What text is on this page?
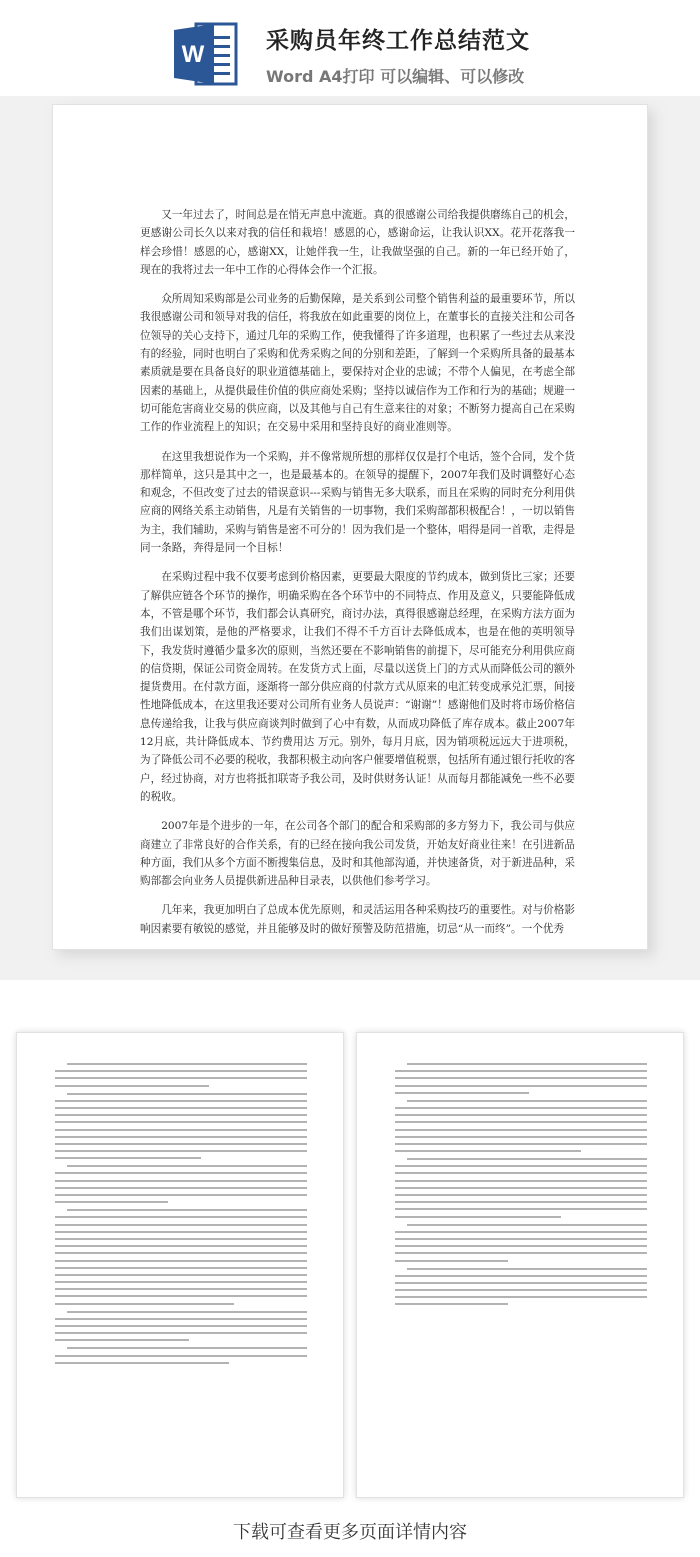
W	采购员年终工作总结范文
Word A4打印 可以编辑、可以修改

又一年过去了，时间总是在悄无声息中流逝。真的很感谢公司给我提供磨练自己的机会，更感谢公司长久以来对我的信任和栽培！感恩的心，感谢命运，让我认识XX。花开花落我一样会珍惜！感恩的心，感谢XX，让她伴我一生，让我做坚强的自己。新的一年已经开始了，现在的我将过去一年中工作的心得体会作一个汇报。

众所周知采购部是公司业务的后勤保障，是关系到公司整个销售利益的最重要环节，所以我很感谢公司和领导对我的信任，将我放在如此重要的岗位上，在董事长的直接关注和公司各位领导的关心支持下，通过几年的采购工作，使我懂得了许多道理，也积累了一些过去从来没有的经验，同时也明白了采购和优秀采购之间的分别和差距，了解到一个采购所具备的最基本素质就是要在具备良好的职业道德基础上，要保持对企业的忠诚；不带个人偏见，在考虑全部因素的基础上，从提供最佳价值的供应商处采购；坚持以诚信作为工作和行为的基础；规避一切可能危害商业交易的供应商，以及其他与自己有生意来往的对象；不断努力提高自己在采购工作的作业流程上的知识；在交易中采用和坚持良好的商业准则等。

在这里我想说作为一个采购，并不像常规所想的那样仅仅是打个电话，签个合同，发个货那样简单，这只是其中之一，也是最基本的。在领导的提醒下，2007年我们及时调整好心态和观念，不但改变了过去的错误意识---采购与销售无多大联系，而且在采购的同时充分利用供应商的网络关系主动销售，凡是有关销售的一切事物，我们采购部都积极配合！，一切以销售为主，我们辅助，采购与销售是密不可分的！因为我们是一个整体，唱得是同一首歌，走得是同一条路，奔得是同一个目标！

在采购过程中我不仅要考虑到价格因素，更要最大限度的节约成本，做到货比三家；还要了解供应链各个环节的操作，明确采购在各个环节中的不同特点、作用及意义，只要能降低成本，不管是哪个环节，我们都会认真研究，商讨办法，真得很感谢总经理，在采购方法方面为我们出谋划策，是他的严格要求，让我们不得不千方百计去降低成本，也是在他的英明领导下，我发货时遵循少量多次的原则，当然还要在不影响销售的前提下，尽可能充分利用供应商的信贷期，保证公司资金周转。在发货方式上面，尽量以送货上门的方式从而降低公司的额外提货费用。在付款方面，逐渐将一部分供应商的付款方式从原来的电汇转变成承兑汇票，间接性地降低成本，在这里我还要对公司所有业务人员说声：“谢谢”！感谢他们及时将市场价格信息传递给我，让我与供应商谈判时做到了心中有数，从而成功降低了库存成本。截止2007年12月底，共计降低成本、节约费用达 万元。别外，每月月底，因为销项税远远大于进项税，为了降低公司不必要的税收，我都积极主动向客户催要增值税票，包括所有通过银行托收的客户，经过协商，对方也将抵扣联寄予我公司，及时供财务认证！从而每月都能减免一些不必要的税收。

2007年是个进步的一年，在公司各个部门的配合和采购部的多方努力下，我公司与供应商建立了非常良好的合作关系，有的已经在接向我公司发货，开始友好商业往来！在引进新品种方面，我们从多个方面不断搜集信息，及时和其他部沟通，并快速备货，对于新进品种，采购部都会向业务人员提供新进品种目录表，以供他们参考学习。

几年来，我更加明白了总成本优先原则，和灵活运用各种采购技巧的重要性。对与价格影响因素要有敏锐的感觉，并且能够及时的做好预警及防范措施，切忌“从一而终”。一个优秀

下载可查看更多页面详情内容
